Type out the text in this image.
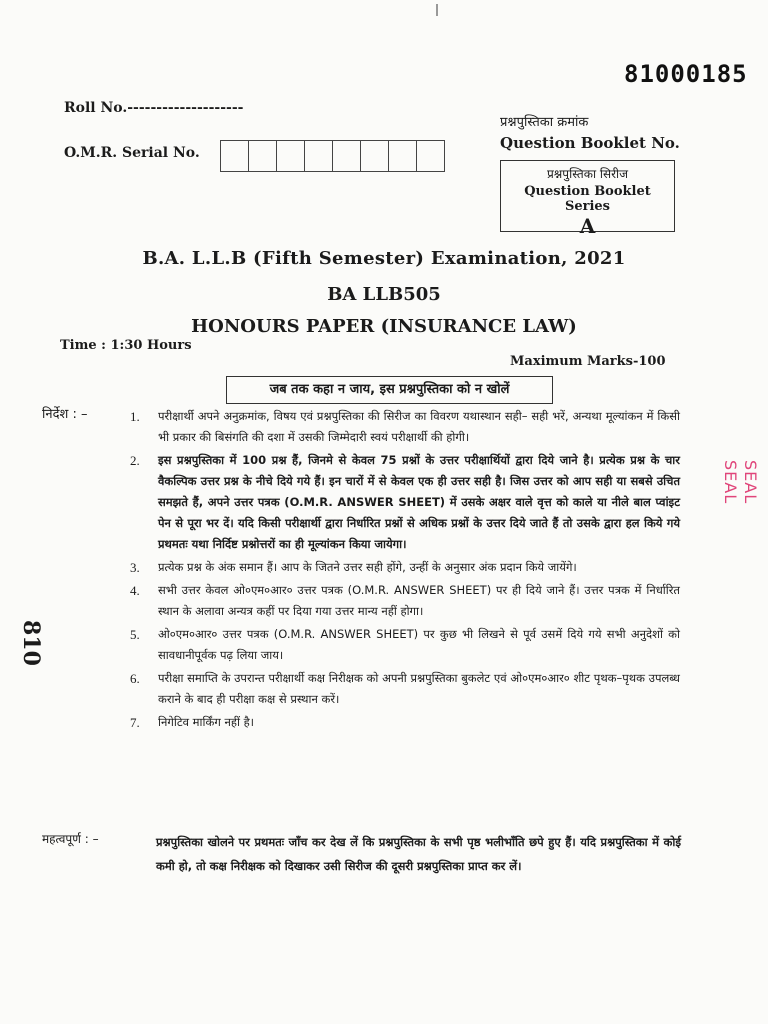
81000185
Roll No.--------------------
O.M.R. Serial No.
प्रश्नपुस्तिका क्रमांक
Question Booklet No.
प्रश्नपुस्तिका सिरीज
Question Booklet Series
A
B.A. L.L.B (Fifth Semester) Examination, 2021
BA LLB505
HONOURS PAPER (INSURANCE LAW)
Time : 1:30 Hours
Maximum Marks-100
जब तक कहा न जाय, इस प्रश्नपुस्तिका को न खोलें
810
SEAL
SEAL
निर्देश : –	1.	परीक्षार्थी अपने अनुक्रमांक, विषय एवं प्रश्नपुस्तिका की सिरीज का विवरण यथास्थान सही– सही भरें, अन्यथा मूल्यांकन में किसी भी प्रकार की बिसंगति की दशा में उसकी जिम्मेदारी स्वयं परीक्षार्थी की होगी।
2.	इस प्रश्नपुस्तिका में 100 प्रश्न हैं, जिनमे से केवल 75 प्रश्नों के उत्तर परीक्षार्थियों द्वारा दिये जाने है। प्रत्येक प्रश्न के चार वैकल्पिक उत्तर प्रश्न के नीचे दिये गये हैं। इन चारों में से केवल एक ही उत्तर सही है। जिस उत्तर को आप सही या सबसे उचित समझते हैं, अपने उत्तर पत्रक (O.M.R. ANSWER SHEET) में उसके अक्षर वाले वृत्त को काले या नीले बाल प्वांइट पेन से पूरा भर दें। यदि किसी परीक्षार्थी द्वारा निर्धारित प्रश्नों से अधिक प्रश्नों के उत्तर दिये जाते हैं तो उसके द्वारा हल किये गये प्रथमतः यथा निर्दिष्ट प्रश्नोत्तरों का ही मूल्यांकन किया जायेगा।
3.	प्रत्येक प्रश्न के अंक समान हैं। आप के जितने उत्तर सही होंगे, उन्हीं के अनुसार अंक प्रदान किये जायेंगे।
4.	सभी उत्तर केवल ओ०एम०आर० उत्तर पत्रक (O.M.R. ANSWER SHEET) पर ही दिये जाने हैं। उत्तर पत्रक में निर्धारित स्थान के अलावा अन्यत्र कहीं पर दिया गया उत्तर मान्य नहीं होगा।
5.	ओ०एम०आर० उत्तर पत्रक (O.M.R. ANSWER SHEET) पर कुछ भी लिखने से पूर्व उसमें दिये गये सभी अनुदेशों को सावधानीपूर्वक पढ़ लिया जाय।
6.	परीक्षा समाप्ति के उपरान्त परीक्षार्थी कक्ष निरीक्षक को अपनी प्रश्नपुस्तिका बुकलेट एवं ओ०एम०आर० शीट पृथक–पृथक उपलब्ध कराने के बाद ही परीक्षा कक्ष से प्रस्थान करें।
7.	निगेटिव मार्किंग नहीं है।
महत्वपूर्ण : –	प्रश्नपुस्तिका खोलने पर प्रथमतः जाँच कर देख लें कि प्रश्नपुस्तिका के सभी पृष्ठ भलीभाँति छपे हुए हैं। यदि प्रश्नपुस्तिका में कोई कमी हो, तो कक्ष निरीक्षक को दिखाकर उसी सिरीज की दूसरी प्रश्नपुस्तिका प्राप्त कर लें।
